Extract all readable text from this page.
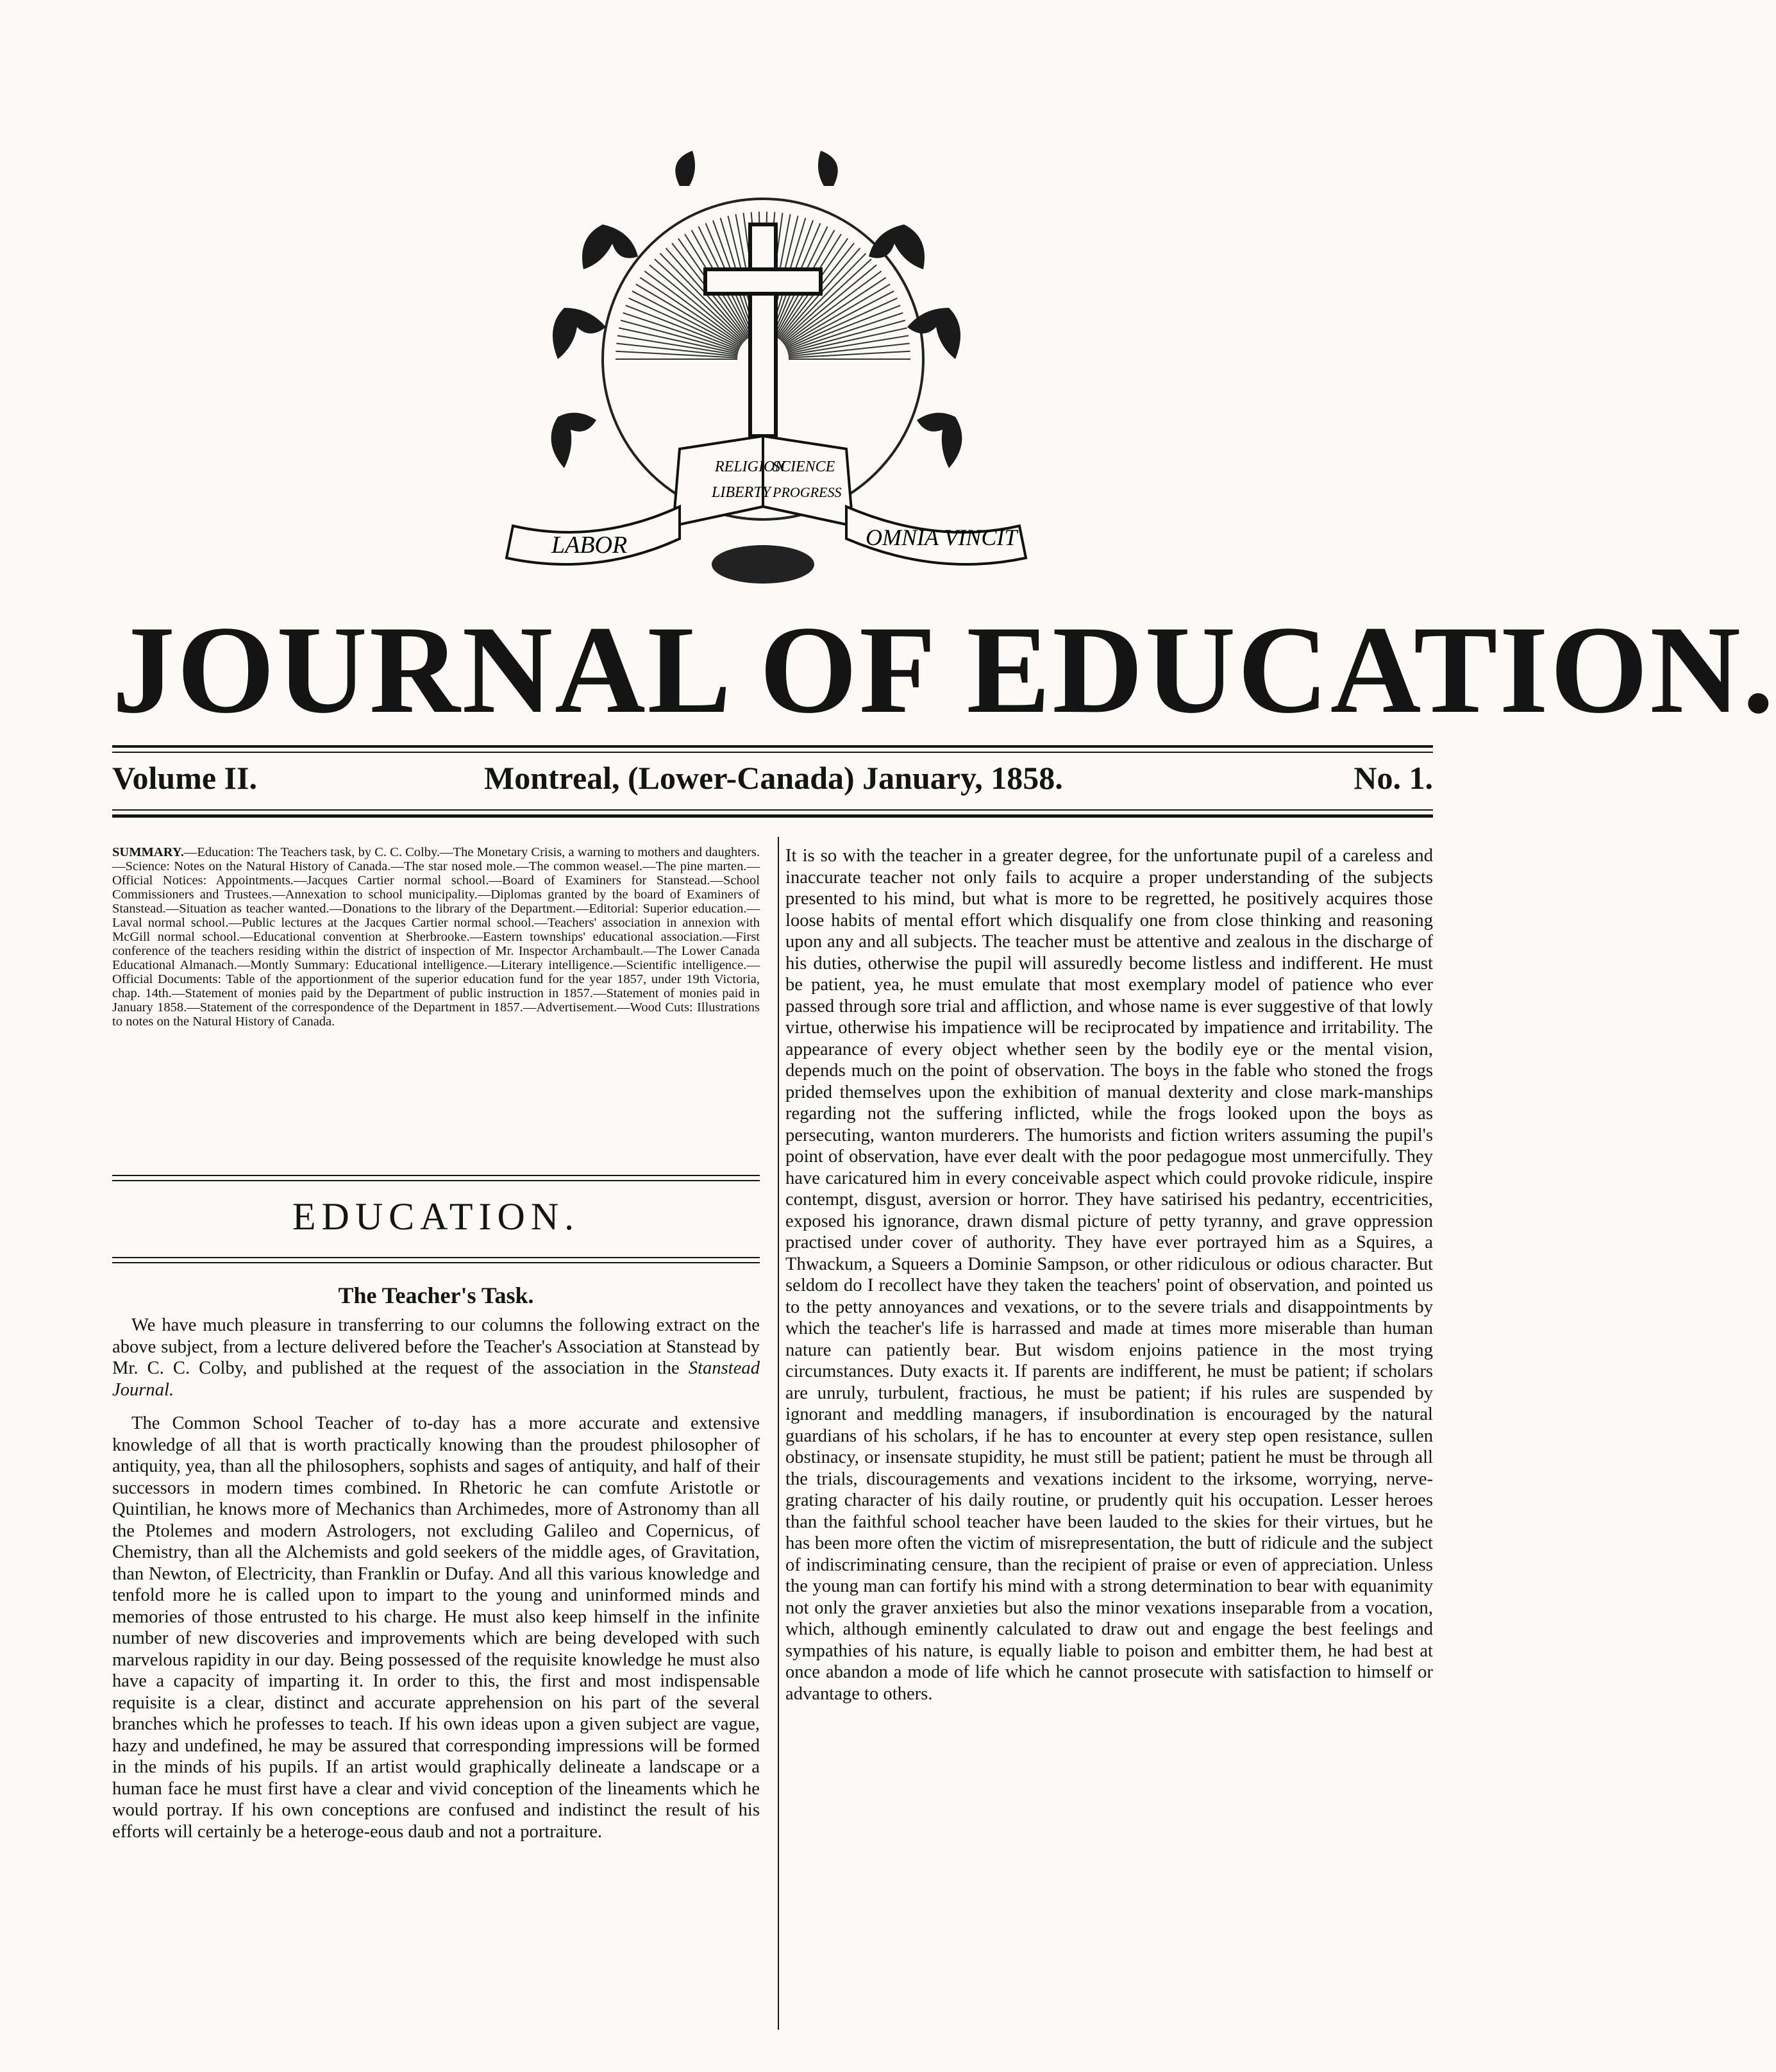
RELIGION
SCIENCE
LIBERTY PROGRESS
LABOR	OMNIA VINCIT
JOURNAL OF EDUCATION.
Volume II.	Montreal, (Lower-Canada) January, 1858.	No. 1.
SUMMARY.—Education: The Teachers task, by C. C. Colby.—The Monetary Crisis, a warning to mothers and daughters.—Science: Notes on the Natural History of Canada.—The star nosed mole.—The common weasel.—The pine marten.—Official Notices: Appointments.—Jacques Cartier normal school.—Board of Examiners for Stanstead.—School Commissioners and Trustees.—Annexation to school municipality.—Diplomas granted by the board of Examiners of Stanstead.—Situation as teacher wanted.—Donations to the library of the Department.—Editorial: Superior education.—Laval normal school.—Public lectures at the Jacques Cartier normal school.—Teachers' association in annexion with McGill normal school.—Educational convention at Sherbrooke.—Eastern townships' educational association.—First conference of the teachers residing within the district of inspection of Mr. Inspector Archambault.—The Lower Canada Educational Almanach.—Montly Summary: Educational intelligence.—Literary intelligence.—Scientific intelligence.—Official Documents: Table of the apportionment of the superior education fund for the year 1857, under 19th Victoria, chap. 14th.—Statement of monies paid by the Department of public instruction in 1857.—Statement of monies paid in January 1858.—Statement of the correspondence of the Department in 1857.—Advertisement.—Wood Cuts: Illustrations to notes on the Natural History of Canada.
EDUCATION.
The Teacher's Task.
We have much pleasure in transferring to our columns the following extract on the above subject, from a lecture delivered before the Teacher's Association at Stanstead by Mr. C. C. Colby, and published at the request of the association in the Stanstead Journal.
The Common School Teacher of to-day has a more accurate and extensive knowledge of all that is worth practically knowing than the proudest philosopher of antiquity, yea, than all the philosophers, sophists and sages of antiquity, and half of their successors in modern times combined. In Rhetoric he can comfute Aristotle or Quintilian, he knows more of Mechanics than Archimedes, more of Astronomy than all the Ptolemes and modern Astrologers, not excluding Galileo and Copernicus, of Chemistry, than all the Alchemists and gold seekers of the middle ages, of Gravitation, than Newton, of Electricity, than Franklin or Dufay. And all this various knowledge and tenfold more he is called upon to impart to the young and uninformed minds and memories of those entrusted to his charge. He must also keep himself in the infinite number of new discoveries and improvements which are being developed with such marvelous rapidity in our day. Being possessed of the requisite knowledge he must also have a capacity of imparting it. In order to this, the first and most indispensable requisite is a clear, distinct and accurate apprehension on his part of the several branches which he professes to teach. If his own ideas upon a given subject are vague, hazy and undefined, he may be assured that corresponding impressions will be formed in the minds of his pupils. If an artist would graphically delineate a landscape or a human face he must first have a clear and vivid conception of the lineaments which he would portray. If his own conceptions are confused and indistinct the result of his efforts will certainly be a heteroge-eous daub and not a portraiture.
It is so with the teacher in a greater degree, for the unfortunate pupil of a careless and inaccurate teacher not only fails to acquire a proper understanding of the subjects presented to his mind, but what is more to be regretted, he positively acquires those loose habits of mental effort which disqualify one from close thinking and reasoning upon any and all subjects. The teacher must be attentive and zealous in the discharge of his duties, otherwise the pupil will assuredly become listless and indifferent. He must be patient, yea, he must emulate that most exemplary model of patience who ever passed through sore trial and affliction, and whose name is ever suggestive of that lowly virtue, otherwise his impatience will be reciprocated by impatience and irritability. The appearance of every object whether seen by the bodily eye or the mental vision, depends much on the point of observation. The boys in the fable who stoned the frogs prided themselves upon the exhibition of manual dexterity and close mark-manships regarding not the suffering inflicted, while the frogs looked upon the boys as persecuting, wanton murderers. The humorists and fiction writers assuming the pupil's point of observation, have ever dealt with the poor pedagogue most unmercifully. They have caricatured him in every conceivable aspect which could provoke ridicule, inspire contempt, disgust, aversion or horror. They have satirised his pedantry, eccentricities, exposed his ignorance, drawn dismal picture of petty tyranny, and grave oppression practised under cover of authority. They have ever portrayed him as a Squires, a Thwackum, a Squeers a Dominie Sampson, or other ridiculous or odious character. But seldom do I recollect have they taken the teachers' point of observation, and pointed us to the petty annoyances and vexations, or to the severe trials and disappointments by which the teacher's life is harrassed and made at times more miserable than human nature can patiently bear. But wisdom enjoins patience in the most trying circumstances. Duty exacts it. If parents are indifferent, he must be patient; if scholars are unruly, turbulent, fractious, he must be patient; if his rules are suspended by ignorant and meddling managers, if insubordination is encouraged by the natural guardians of his scholars, if he has to encounter at every step open resistance, sullen obstinacy, or insensate stupidity, he must still be patient; patient he must be through all the trials, discouragements and vexations incident to the irksome, worrying, nerve-grating character of his daily routine, or prudently quit his occupation. Lesser heroes than the faithful school teacher have been lauded to the skies for their virtues, but he has been more often the victim of misrepresentation, the butt of ridicule and the subject of indiscriminating censure, than the recipient of praise or even of appreciation. Unless the young man can fortify his mind with a strong determination to bear with equanimity not only the graver anxieties but also the minor vexations inseparable from a vocation, which, although eminently calculated to draw out and engage the best feelings and sympathies of his nature, is equally liable to poison and embitter them, he had best at once abandon a mode of life which he cannot prosecute with satisfaction to himself or advantage to others.
